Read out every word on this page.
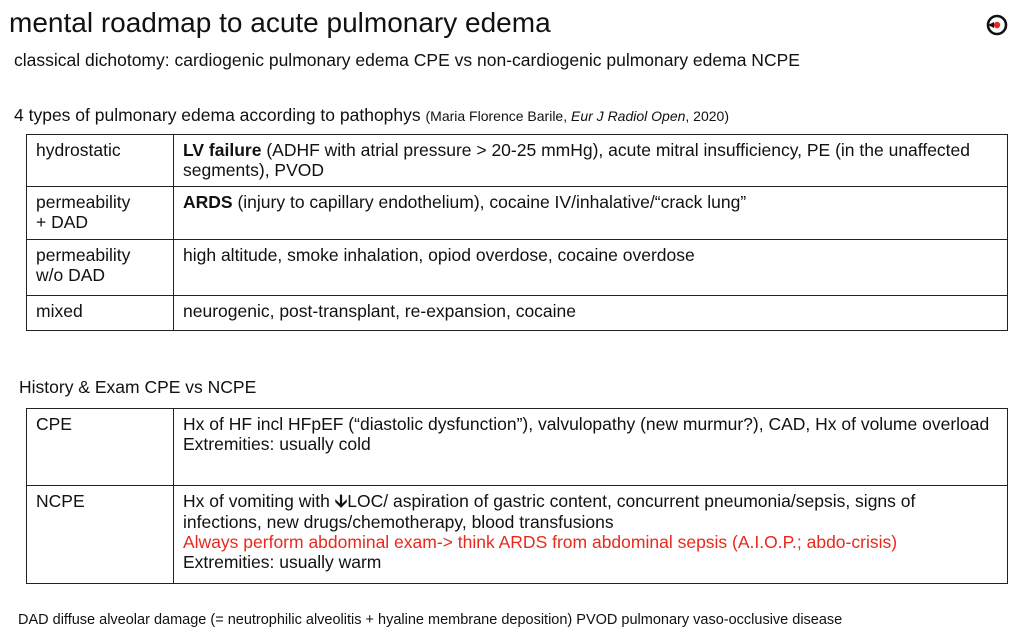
mental roadmap to acute pulmonary edema
classical dichotomy: cardiogenic pulmonary edema CPE vs non-cardiogenic pulmonary edema NCPE
4 types of pulmonary edema according to pathophys (Maria Florence Barile, Eur J Radiol Open, 2020)
hydrostatic	LV failure (ADHF with atrial pressure > 20-25 mmHg), acute mitral insufficiency, PE (in the unaffected segments), PVOD
permeability
+ DAD	ARDS (injury to capillary endothelium), cocaine IV/inhalative/“crack lung”
permeability
w/o DAD	high altitude, smoke inhalation, opiod overdose, cocaine overdose
mixed	neurogenic, post-transplant, re-expansion, cocaine
History & Exam CPE vs NCPE
CPE	Hx of HF incl HFpEF (“diastolic dysfunction”), valvulopathy (new murmur?), CAD, Hx of volume overload
Extremities: usually cold
NCPE	Hx of vomiting with 🡫LOC/ aspiration of gastric content, concurrent pneumonia/sepsis, signs of infections, new drugs/chemotherapy, blood transfusions
Always perform abdominal exam-> think ARDS from abdominal sepsis (A.I.O.P.; abdo-crisis)
Extremities: usually warm
DAD diffuse alveolar damage (= neutrophilic alveolitis + hyaline membrane deposition) PVOD pulmonary vaso-occlusive disease
